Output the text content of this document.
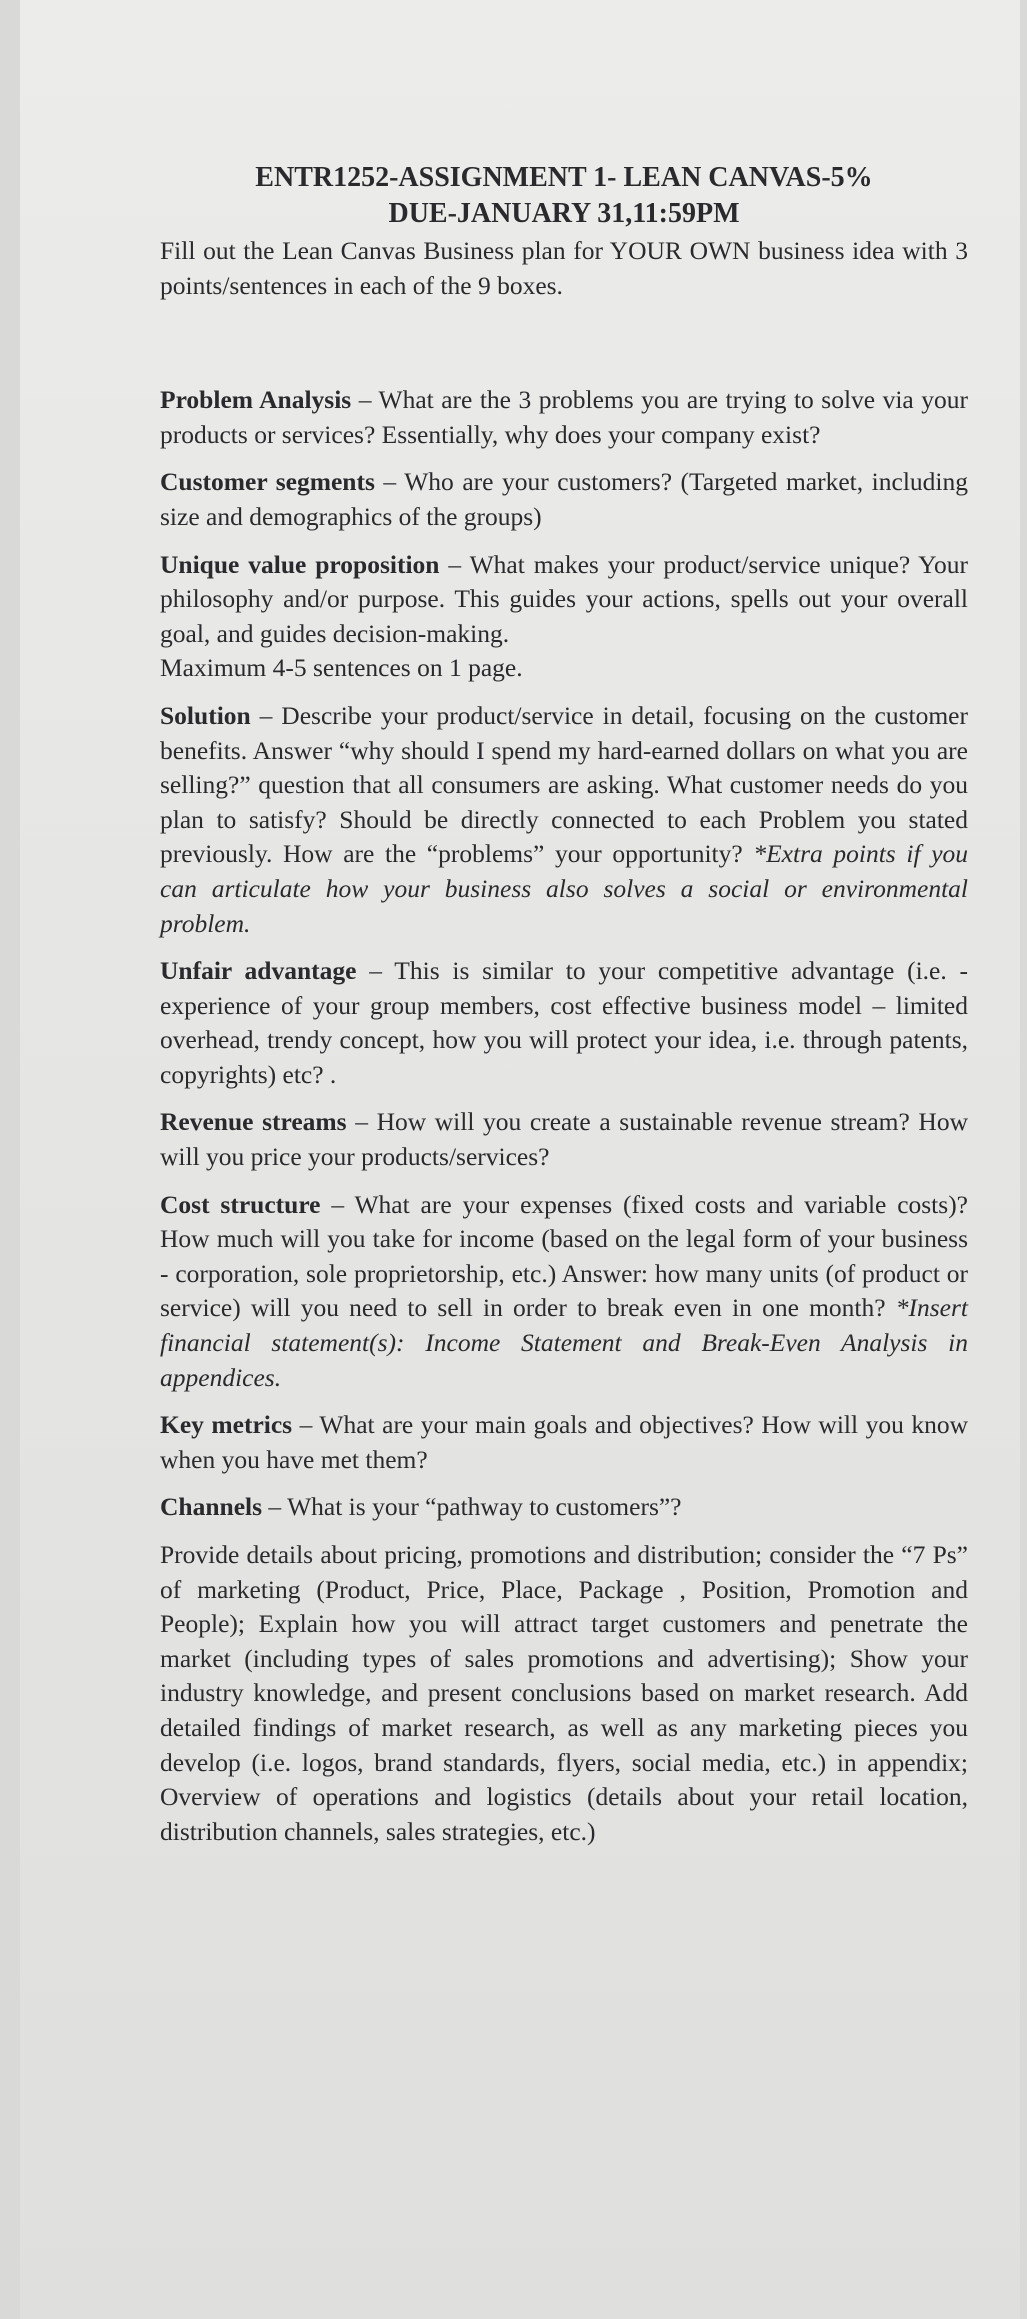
ENTR1252-ASSIGNMENT 1- LEAN CANVAS-5%

DUE-JANUARY 31,11:59PM

Fill out the Lean Canvas Business plan for YOUR OWN business idea with 3 points/sentences in each of the 9 boxes.

Problem Analysis – What are the 3 problems you are trying to solve via your products or services? Essentially, why does your company exist?

Customer segments – Who are your customers? (Targeted market, including size and demographics of the groups)

Unique value proposition – What makes your product/service unique? Your philosophy and/or purpose. This guides your actions, spells out your overall goal, and guides decision-making.

Maximum 4-5 sentences on 1 page.

Solution – Describe your product/service in detail, focusing on the customer benefits. Answer “why should I spend my hard-earned dollars on what you are selling?” question that all consumers are asking. What customer needs do you plan to satisfy? Should be directly connected to each Problem you stated previously. How are the “problems” your opportunity? *Extra points if you can articulate how your business also solves a social or environmental problem.

Unfair advantage – This is similar to your competitive advantage (i.e. - experience of your group members, cost effective business model – limited overhead, trendy concept, how you will protect your idea, i.e. through patents, copyrights) etc? .

Revenue streams – How will you create a sustainable revenue stream? How will you price your products/services?

Cost structure – What are your expenses (fixed costs and variable costs)? How much will you take for income (based on the legal form of your business - corporation, sole proprietorship, etc.) Answer: how many units (of product or service) will you need to sell in order to break even in one month? *Insert financial statement(s): Income Statement and Break-Even Analysis in appendices.

Key metrics – What are your main goals and objectives? How will you know when you have met them?

Channels – What is your “pathway to customers”?

Provide details about pricing, promotions and distribution; consider the “7 Ps” of marketing (Product, Price, Place, Package , Position, Promotion and People); Explain how you will attract target customers and penetrate the market (including types of sales promotions and advertising); Show your industry knowledge, and present conclusions based on market research. Add detailed findings of market research, as well as any marketing pieces you develop (i.e. logos, brand standards, flyers, social media, etc.) in appendix; Overview of operations and logistics (details about your retail location, distribution channels, sales strategies, etc.)
